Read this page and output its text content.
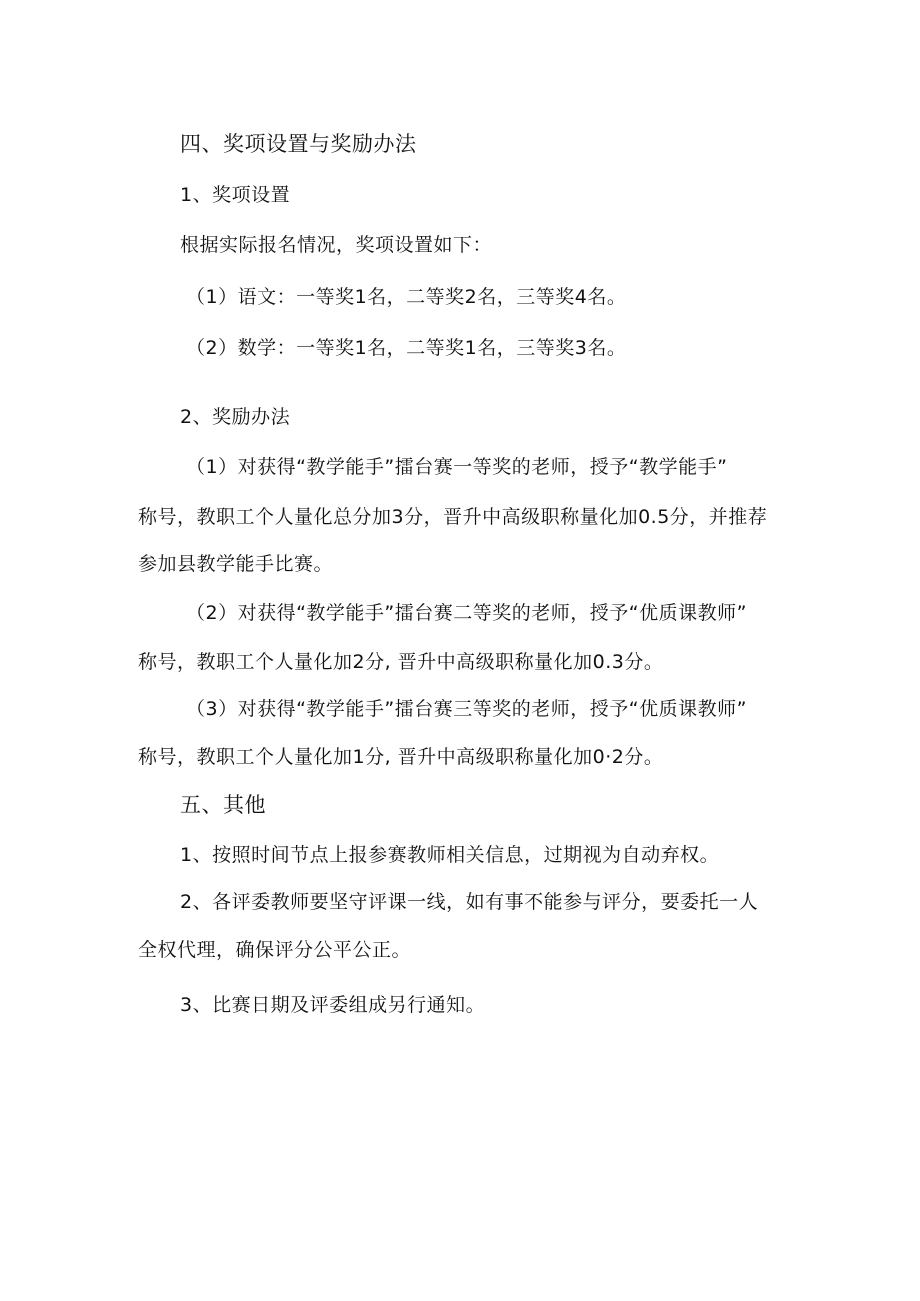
四、奖项设置与奖励办法
1、奖项设置
根据实际报名情况，奖项设置如下：
（1）语文：一等奖1名，二等奖2名，三等奖4名。
（2）数学：一等奖1名，二等奖1名，三等奖3名。
2、奖励办法
（1）对获得“教学能手”擂台赛一等奖的老师，授予“教学能手”
称号，教职工个人量化总分加3分，晋升中高级职称量化加0.5分，并推荐
参加县教学能手比赛。
（2）对获得“教学能手”擂台赛二等奖的老师，授予“优质课教师”
称号，教职工个人量化加2分, 晋升中高级职称量化加0.3分。
（3）对获得“教学能手”擂台赛三等奖的老师，授予“优质课教师”
称号，教职工个人量化加1分, 晋升中高级职称量化加0·2分。
五、其他
1、按照时间节点上报参赛教师相关信息，过期视为自动弃权。
2、各评委教师要坚守评课一线，如有事不能参与评分，要委托一人
全权代理，确保评分公平公正。
3、比赛日期及评委组成另行通知。
